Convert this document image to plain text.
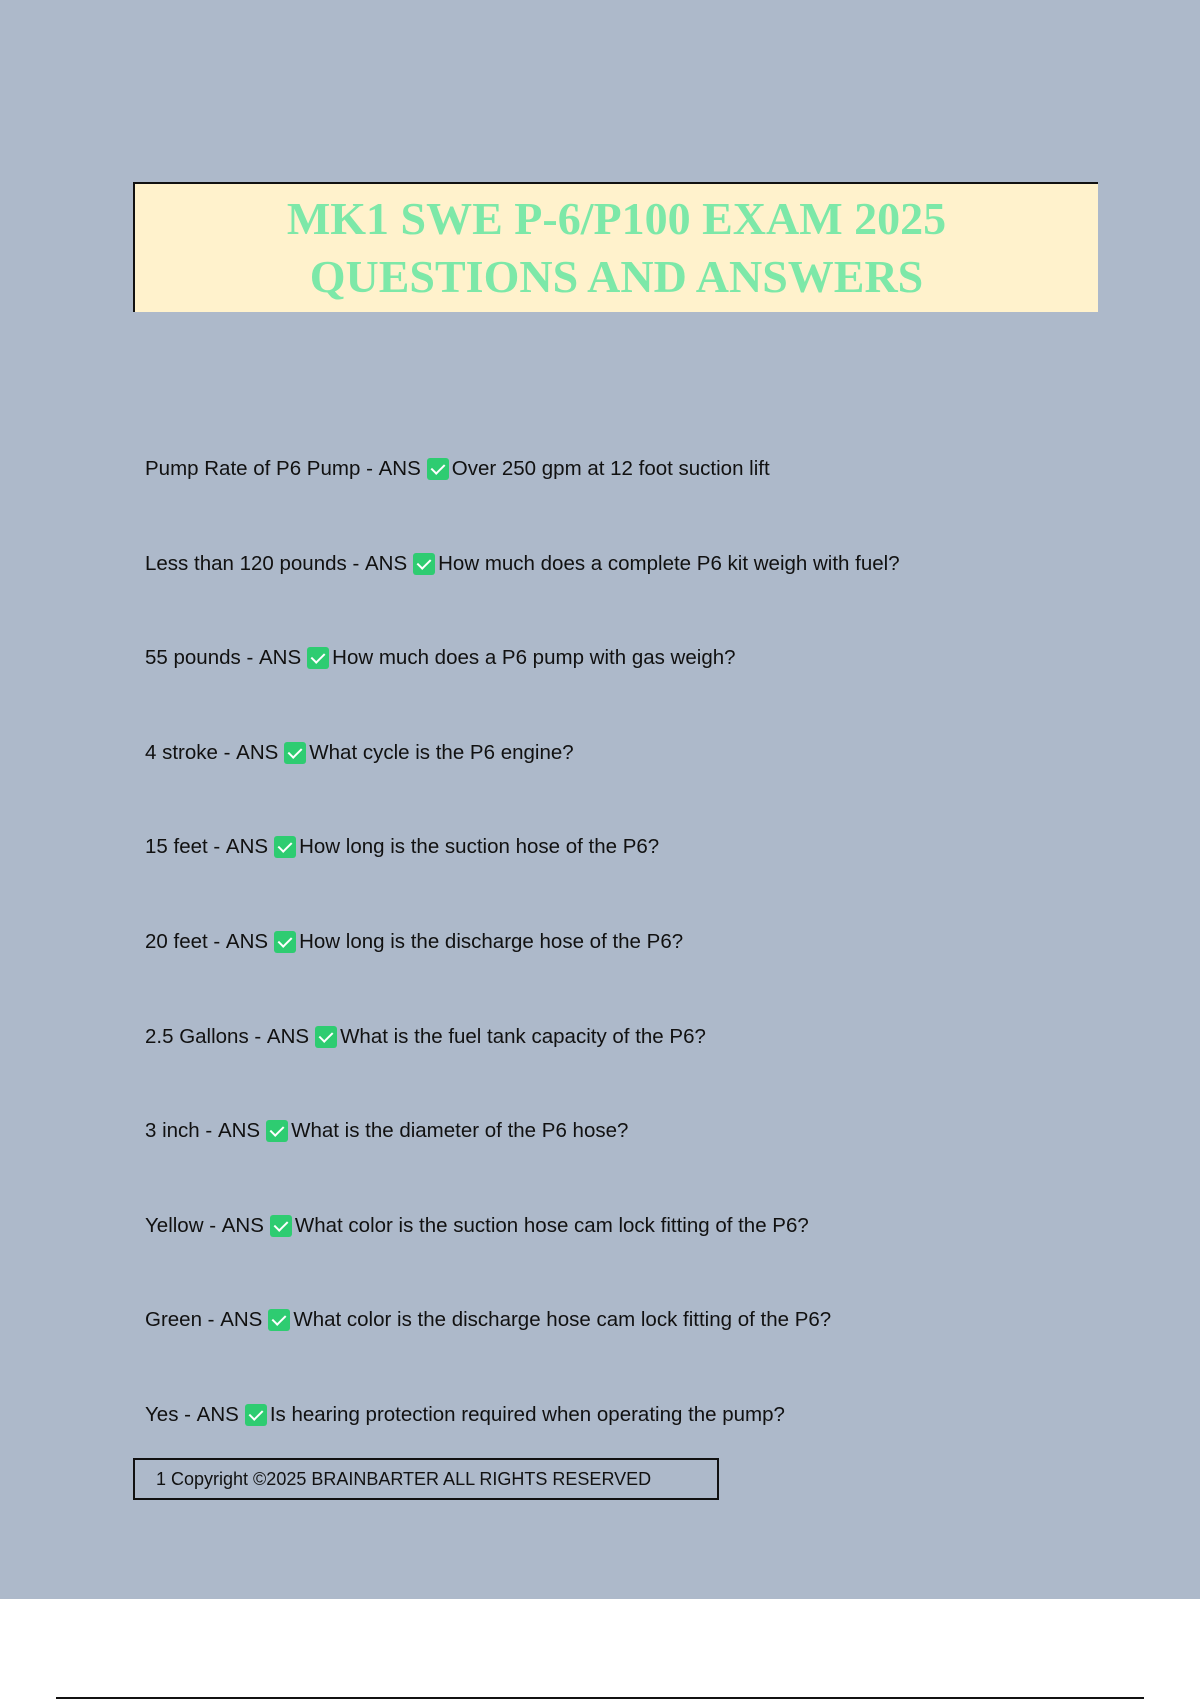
MK1 SWE P-6/P100 EXAM 2025
QUESTIONS AND ANSWERS
Pump Rate of P6 Pump - ANS Over 250 gpm at 12 foot suction lift
Less than 120 pounds - ANS How much does a complete P6 kit weigh with fuel?
55 pounds - ANS How much does a P6 pump with gas weigh?
4 stroke - ANS What cycle is the P6 engine?
15 feet - ANS How long is the suction hose of the P6?
20 feet - ANS How long is the discharge hose of the P6?
2.5 Gallons - ANS What is the fuel tank capacity of the P6?
3 inch - ANS What is the diameter of the P6 hose?
Yellow - ANS What color is the suction hose cam lock fitting of the P6?
Green - ANS What color is the discharge hose cam lock fitting of the P6?
Yes - ANS Is hearing protection required when operating the pump?
1 Copyright ©2025 BRAINBARTER ALL RIGHTS RESERVED
